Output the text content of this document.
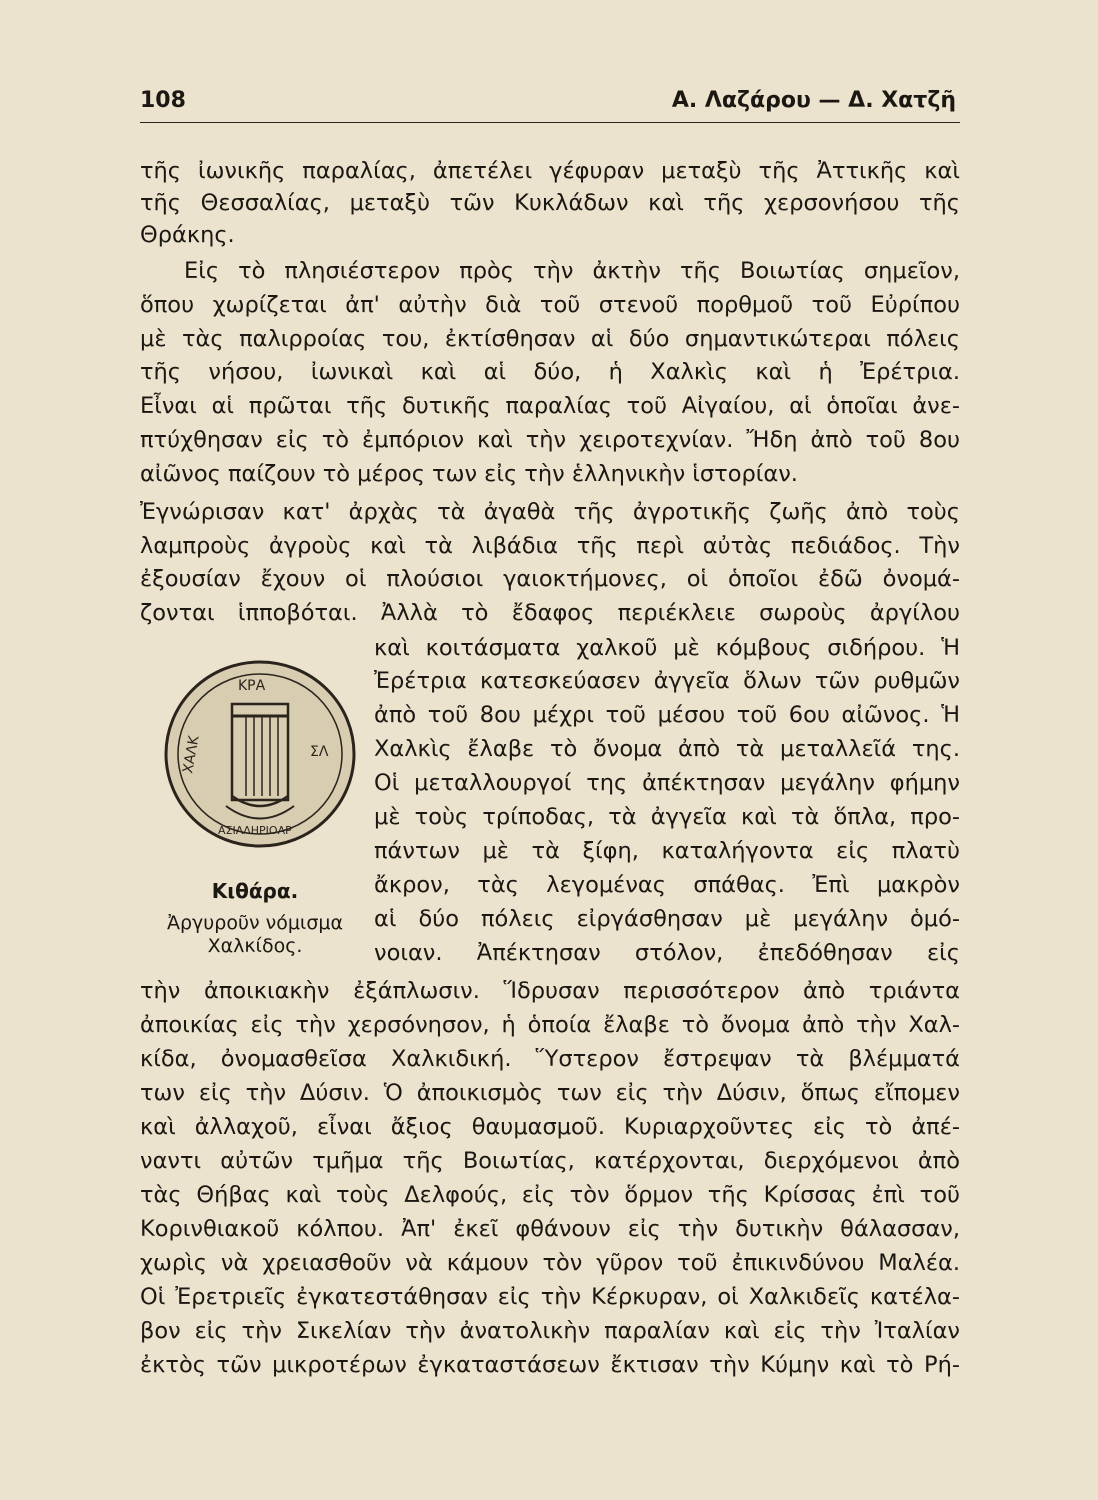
108	Α. Λαζάρου — Δ. Χατζῆ
τῆς ἰωνικῆς παραλίας, ἀπετέλει γέφυραν μεταξὺ τῆς Ἀττικῆς καὶ
τῆς Θεσσαλίας, μεταξὺ τῶν Κυκλάδων καὶ τῆς χερσονήσου τῆς
Θράκης.
Εἰς τὸ πλησιέστερον πρὸς τὴν ἀκτὴν τῆς Βοιωτίας σημεῖον,
ὅπου χωρίζεται ἀπ' αὐτὴν διὰ τοῦ στενοῦ πορθμοῦ τοῦ Εὐρίπου
μὲ τὰς παλιρροίας του, ἐκτίσθησαν αἱ δύο σημαντικώτεραι πόλεις
τῆς νήσου, ἰωνικαὶ καὶ αἱ δύο, ἡ Χαλκὶς καὶ ἡ Ἐρέτρια.
Εἶναι αἱ πρῶται τῆς δυτικῆς παραλίας τοῦ Αἰγαίου, αἱ ὁποῖαι ἀνε-
πτύχθησαν εἰς τὸ ἐμπόριον καὶ τὴν χειροτεχνίαν. Ἤδη ἀπὸ τοῦ 8ου
αἰῶνος παίζουν τὸ μέρος των εἰς τὴν ἑλληνικὴν ἱστορίαν.
Ἐγνώρισαν κατ' ἀρχὰς τὰ ἀγαθὰ τῆς ἀγροτικῆς ζωῆς ἀπὸ τοὺς
λαμπροὺς ἀγροὺς καὶ τὰ λιβάδια τῆς περὶ αὐτὰς πεδιάδος. Τὴν
ἐξουσίαν ἔχουν οἱ πλούσιοι γαιοκτήμονες, οἱ ὁποῖοι ἐδῶ ὀνομά-
ζονται ἱπποβόται. Ἀλλὰ τὸ ἔδαφος περιέκλειε σωροὺς ἀργίλου
καὶ κοιτάσματα χαλκοῦ μὲ κόμβους σιδήρου. Ἡ
Ἐρέτρια κατεσκεύασεν ἀγγεῖα ὅλων τῶν ρυθμῶν
ἀπὸ τοῦ 8ου μέχρι τοῦ μέσου τοῦ 6ου αἰῶνος. Ἡ
Χαλκὶς ἔλαβε τὸ ὄνομα ἀπὸ τὰ μεταλλεῖά της.
Οἱ μεταλλουργοί της ἀπέκτησαν μεγάλην φήμην
μὲ τοὺς τρίποδας, τὰ ἀγγεῖα καὶ τὰ ὅπλα, προ-
πάντων μὲ τὰ ξίφη, καταλήγοντα εἰς πλατὺ
ἄκρον, τὰς λεγομένας σπάθας. Ἐπὶ μακρὸν
αἱ δύο πόλεις εἰργάσθησαν μὲ μεγάλην ὁμό-
νοιαν. Ἀπέκτησαν στόλον, ἐπεδόθησαν εἰς
ΚΡΑ
ΧΑΛΚ
ΑΣΙΑΛΗΡΙΟΑΡ
ΣΛ
Κιθάρα.
Ἀργυροῦν νόμισμα
Χαλκίδος.
τὴν ἀποικιακὴν ἐξάπλωσιν. Ἵδρυσαν περισσότερον ἀπὸ τριάντα
ἀποικίας εἰς τὴν χερσόνησον, ἡ ὁποία ἔλαβε τὸ ὄνομα ἀπὸ τὴν Χαλ-
κίδα, ὀνομασθεῖσα Χαλκιδική. Ὕστερον ἔστρεψαν τὰ βλέμματά
των εἰς τὴν Δύσιν. Ὁ ἀποικισμὸς των εἰς τὴν Δύσιν, ὅπως εἴπομεν
καὶ ἀλλαχοῦ, εἶναι ἄξιος θαυμασμοῦ. Κυριαρχοῦντες εἰς τὸ ἀπέ-
ναντι αὐτῶν τμῆμα τῆς Βοιωτίας, κατέρχονται, διερχόμενοι ἀπὸ
τὰς Θήβας καὶ τοὺς Δελφούς, εἰς τὸν ὅρμον τῆς Κρίσσας ἐπὶ τοῦ
Κορινθιακοῦ κόλπου. Ἀπ' ἐκεῖ φθάνουν εἰς τὴν δυτικὴν θάλασσαν,
χωρὶς νὰ χρειασθοῦν νὰ κάμουν τὸν γῦρον τοῦ ἐπικινδύνου Μαλέα.
Οἱ Ἐρετριεῖς ἐγκατεστάθησαν εἰς τὴν Κέρκυραν, οἱ Χαλκιδεῖς κατέλα-
βον εἰς τὴν Σικελίαν τὴν ἀνατολικὴν παραλίαν καὶ εἰς τὴν Ἰταλίαν
ἐκτὸς τῶν μικροτέρων ἐγκαταστάσεων ἔκτισαν τὴν Κύμην καὶ τὸ Ρή-
